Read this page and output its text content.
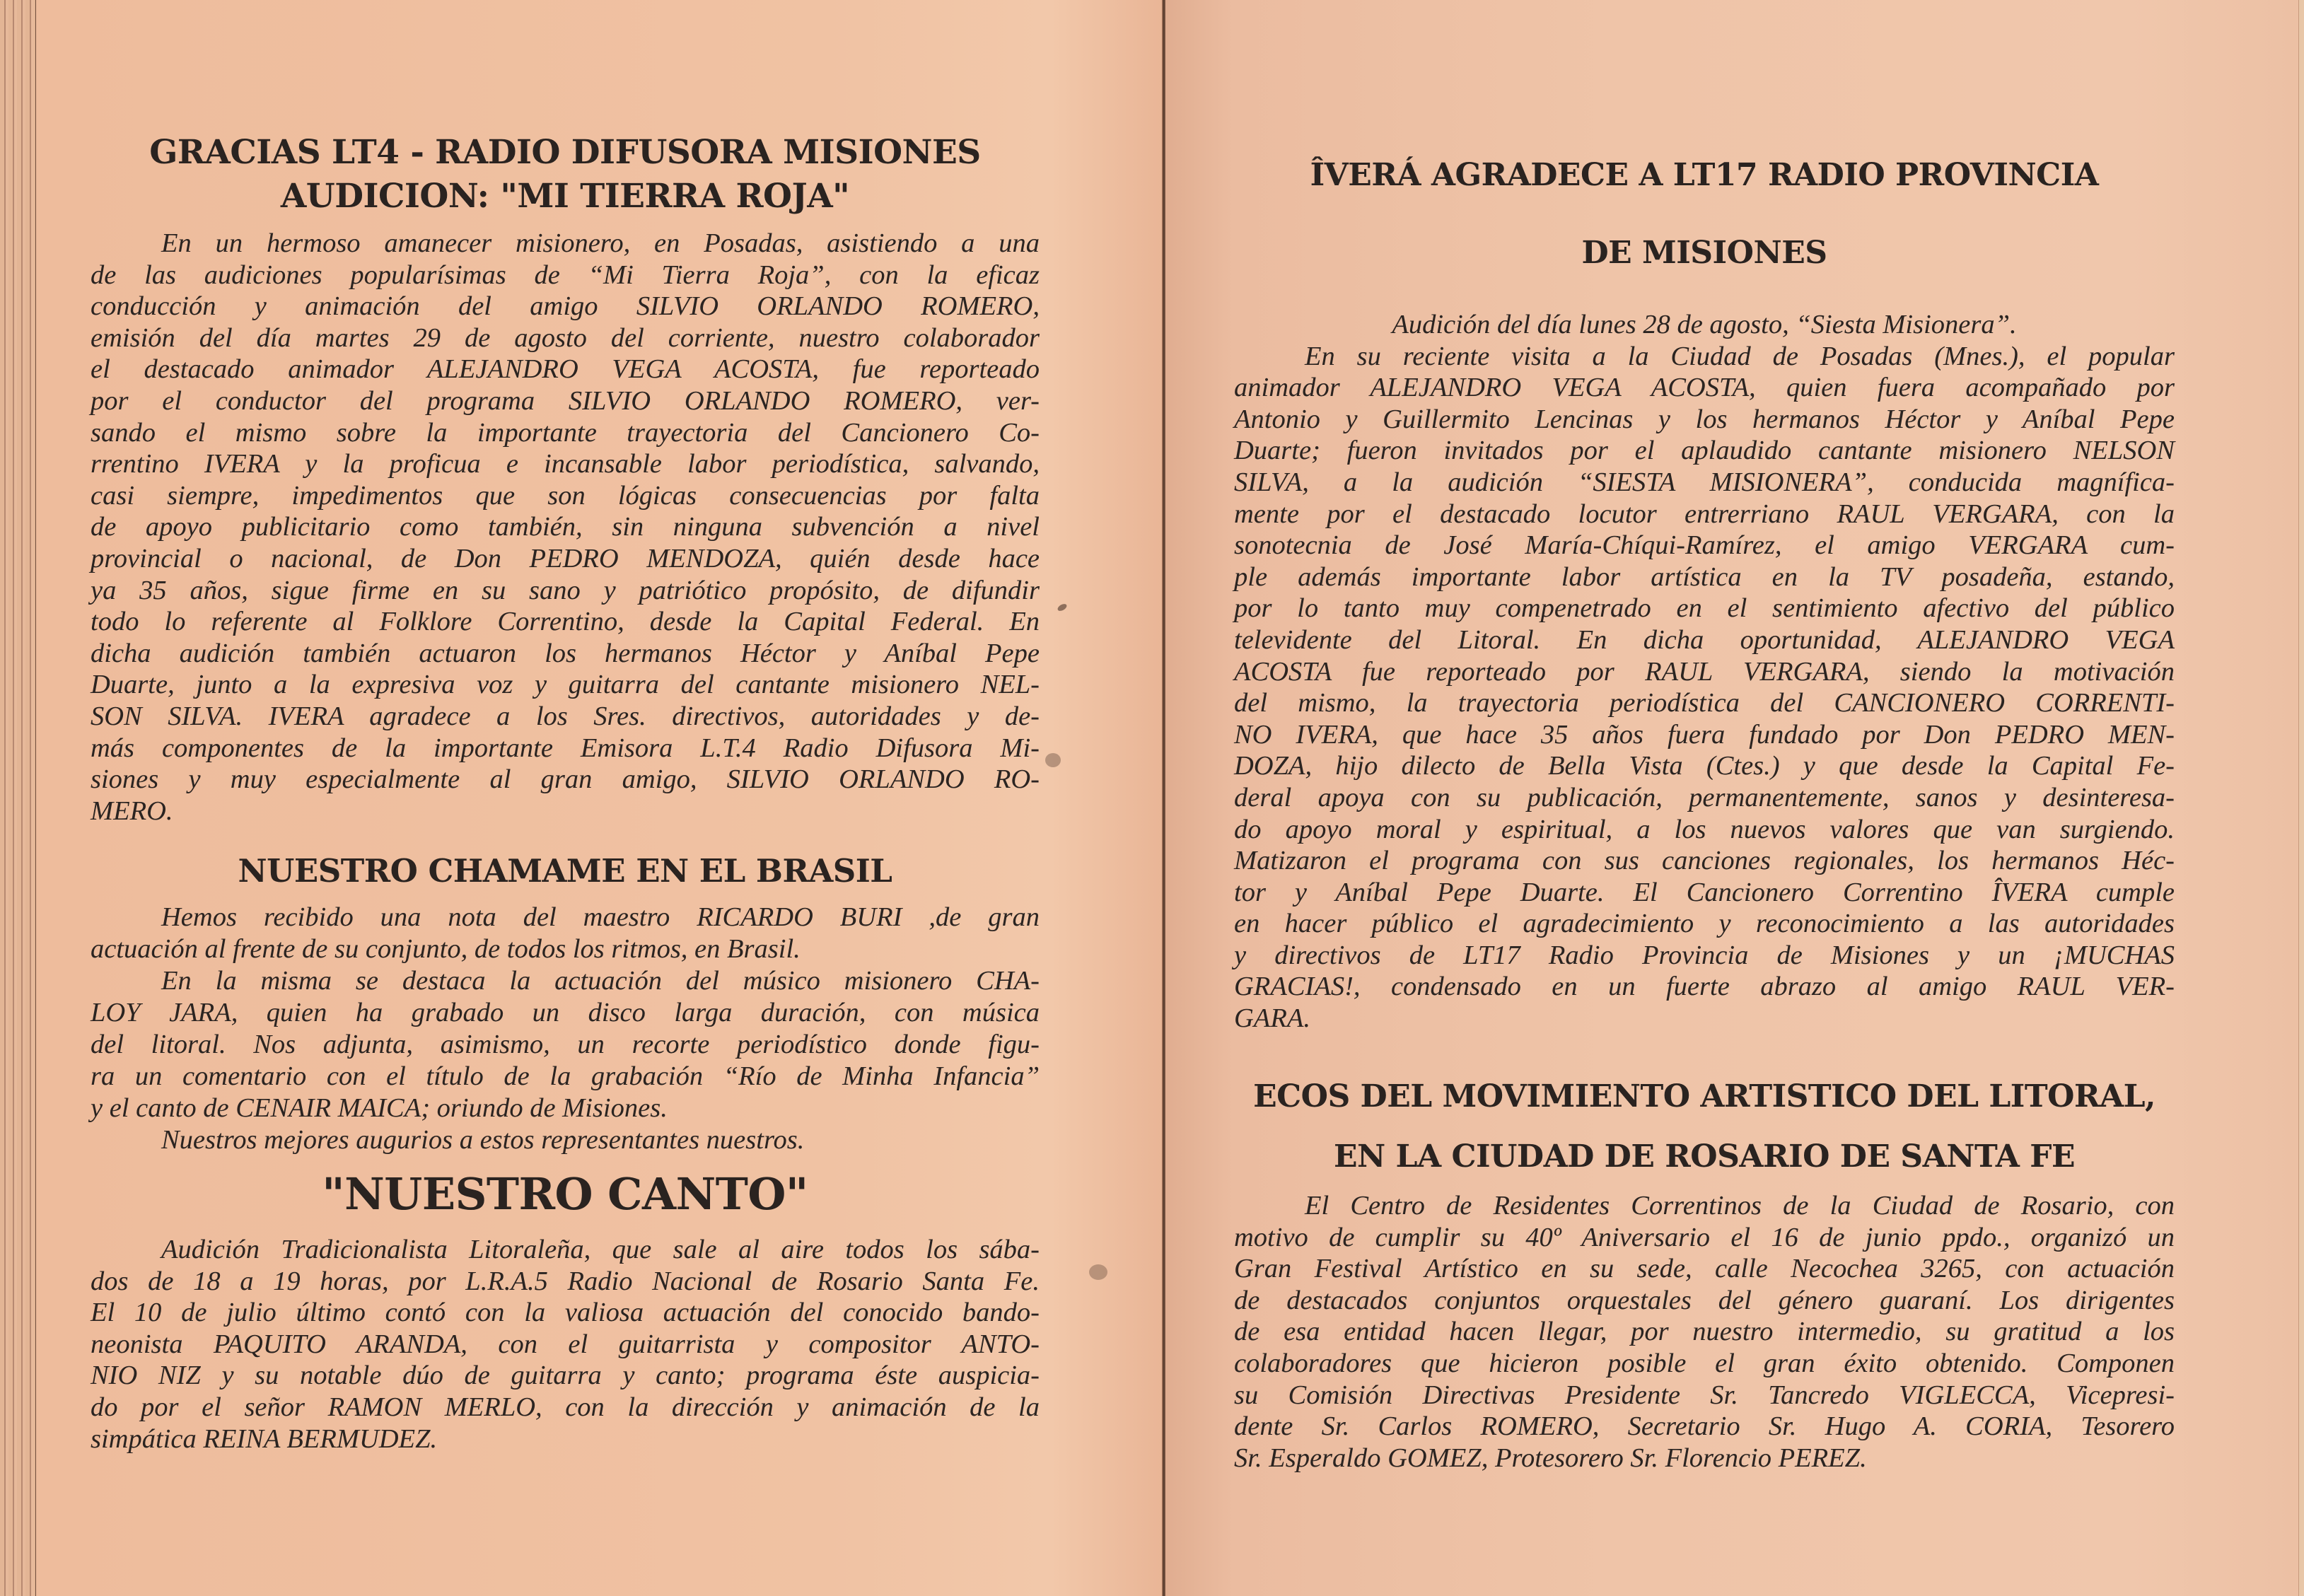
GRACIAS LT4 - RADIO DIFUSORA MISIONES
AUDICION: "MI TIERRA ROJA"
En un hermoso amanecer misionero, en Posadas, asistiendo a una
de las audiciones popularísimas de “Mi Tierra Roja”, con la eficaz
conducción y animación del amigo SILVIO ORLANDO ROMERO,
emisión del día martes 29 de agosto del corriente, nuestro colaborador
el destacado animador ALEJANDRO VEGA ACOSTA, fue reporteado
por el conductor del programa SILVIO ORLANDO ROMERO, ver-
sando el mismo sobre la importante trayectoria del Cancionero Co-
rrentino IVERA y la proficua e incansable labor periodística, salvando,
casi siempre, impedimentos que son lógicas consecuencias por falta
de apoyo publicitario como también, sin ninguna subvención a nivel
provincial o nacional, de Don PEDRO MENDOZA, quién desde hace
ya 35 años, sigue firme en su sano y patriótico propósito, de difundir
todo lo referente al Folklore Correntino, desde la Capital Federal. En
dicha audición también actuaron los hermanos Héctor y Aníbal Pepe
Duarte, junto a la expresiva voz y guitarra del cantante misionero NEL-
SON SILVA. IVERA agradece a los Sres. directivos, autoridades y de-
más componentes de la importante Emisora L.T.4 Radio Difusora Mi-
siones y muy especialmente al gran amigo, SILVIO ORLANDO RO-
MERO.
NUESTRO CHAMAME EN EL BRASIL
Hemos recibido una nota del maestro RICARDO BURI ,de gran
actuación al frente de su conjunto, de todos los ritmos, en Brasil.
En la misma se destaca la actuación del músico misionero CHA-
LOY JARA, quien ha grabado un disco larga duración, con música
del litoral. Nos adjunta, asimismo, un recorte periodístico donde figu-
ra un comentario con el título de la grabación “Río de Minha Infancia”
y el canto de CENAIR MAICA; oriundo de Misiones.
Nuestros mejores augurios a estos representantes nuestros.
"NUESTRO CANTO"
Audición Tradicionalista Litoraleña, que sale al aire todos los sába-
dos de 18 a 19 horas, por L.R.A.5 Radio Nacional de Rosario Santa Fe.
El 10 de julio último contó con la valiosa actuación del conocido bando-
neonista PAQUITO ARANDA, con el guitarrista y compositor ANTO-
NIO NIZ y su notable dúo de guitarra y canto; programa éste auspicia-
do por el señor RAMON MERLO, con la dirección y animación de la
simpática REINA BERMUDEZ.
ÎVERÁ AGRADECE A LT17 RADIO PROVINCIA
DE MISIONES
Audición del día lunes 28 de agosto, “Siesta Misionera”.
En su reciente visita a la Ciudad de Posadas (Mnes.), el popular
animador ALEJANDRO VEGA ACOSTA, quien fuera acompañado por
Antonio y Guillermito Lencinas y los hermanos Héctor y Aníbal Pepe
Duarte; fueron invitados por el aplaudido cantante misionero NELSON
SILVA, a la audición “SIESTA MISIONERA”, conducida magnífica-
mente por el destacado locutor entrerriano RAUL VERGARA, con la
sonotecnia de José María-Chíqui-Ramírez, el amigo VERGARA cum-
ple además importante labor artística en la TV posadeña, estando,
por lo tanto muy compenetrado en el sentimiento afectivo del público
televidente del Litoral. En dicha oportunidad, ALEJANDRO VEGA
ACOSTA fue reporteado por RAUL VERGARA, siendo la motivación
del mismo, la trayectoria periodística del CANCIONERO CORRENTI-
NO IVERA, que hace 35 años fuera fundado por Don PEDRO MEN-
DOZA, hijo dilecto de Bella Vista (Ctes.) y que desde la Capital Fe-
deral apoya con su publicación, permanentemente, sanos y desinteresa-
do apoyo moral y espiritual, a los nuevos valores que van surgiendo.
Matizaron el programa con sus canciones regionales, los hermanos Héc-
tor y Aníbal Pepe Duarte. El Cancionero Correntino ÎVERA cumple
en hacer público el agradecimiento y reconocimiento a las autoridades
y directivos de LT17 Radio Provincia de Misiones y un ¡MUCHAS
GRACIAS!, condensado en un fuerte abrazo al amigo RAUL VER-
GARA.
ECOS DEL MOVIMIENTO ARTISTICO DEL LITORAL,
EN LA CIUDAD DE ROSARIO DE SANTA FE
El Centro de Residentes Correntinos de la Ciudad de Rosario, con
motivo de cumplir su 40º Aniversario el 16 de junio ppdo., organizó un
Gran Festival Artístico en su sede, calle Necochea 3265, con actuación
de destacados conjuntos orquestales del género guaraní. Los dirigentes
de esa entidad hacen llegar, por nuestro intermedio, su gratitud a los
colaboradores que hicieron posible el gran éxito obtenido. Componen
su Comisión Directivas Presidente Sr. Tancredo VIGLECCA, Vicepresi-
dente Sr. Carlos ROMERO, Secretario Sr. Hugo A. CORIA, Tesorero
Sr. Esperaldo GOMEZ, Protesorero Sr. Florencio PEREZ.
